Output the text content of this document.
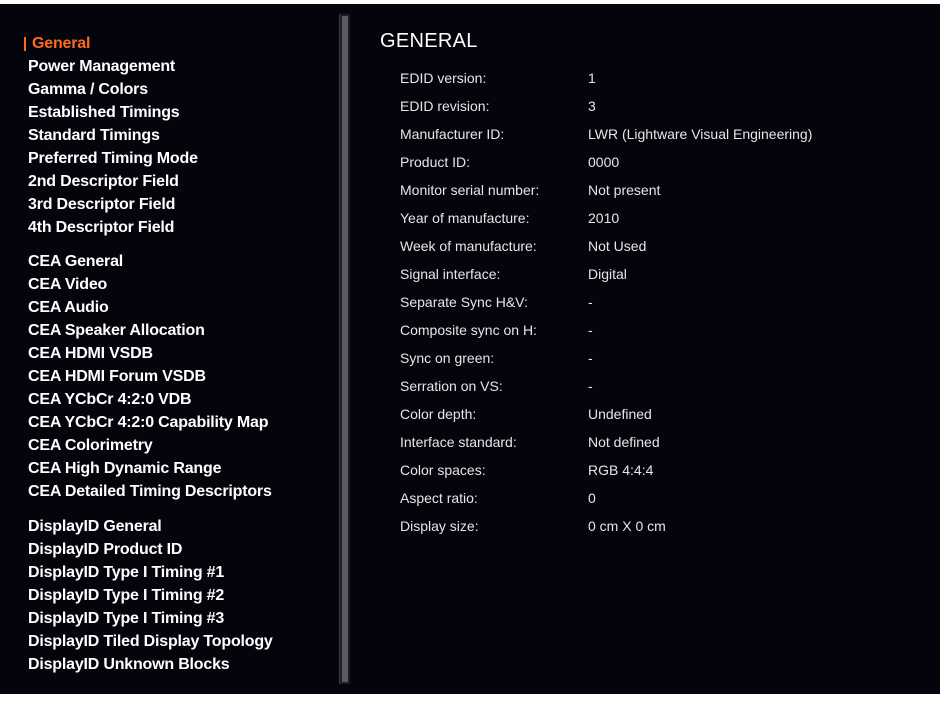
General
Power Management
Gamma / Colors
Established Timings
Standard Timings
Preferred Timing Mode
2nd Descriptor Field
3rd Descriptor Field
4th Descriptor Field
CEA General
CEA Video
CEA Audio
CEA Speaker Allocation
CEA HDMI VSDB
CEA HDMI Forum VSDB
CEA YCbCr 4:2:0 VDB
CEA YCbCr 4:2:0 Capability Map
CEA Colorimetry
CEA High Dynamic Range
CEA Detailed Timing Descriptors
DisplayID General
DisplayID Product ID
DisplayID Type I Timing #1
DisplayID Type I Timing #2
DisplayID Type I Timing #3
DisplayID Tiled Display Topology
DisplayID Unknown Blocks
GENERAL
EDID version:	1
EDID revision:	3
Manufacturer ID:	LWR (Lightware Visual Engineering)
Product ID:	0000
Monitor serial number:	Not present
Year of manufacture:	2010
Week of manufacture:	Not Used
Signal interface:	Digital
Separate Sync H&V:	-
Composite sync on H:	-
Sync on green:	-
Serration on VS:	-
Color depth:	Undefined
Interface standard:	Not defined
Color spaces:	RGB 4:4:4
Aspect ratio:	0
Display size:	0 cm X 0 cm
